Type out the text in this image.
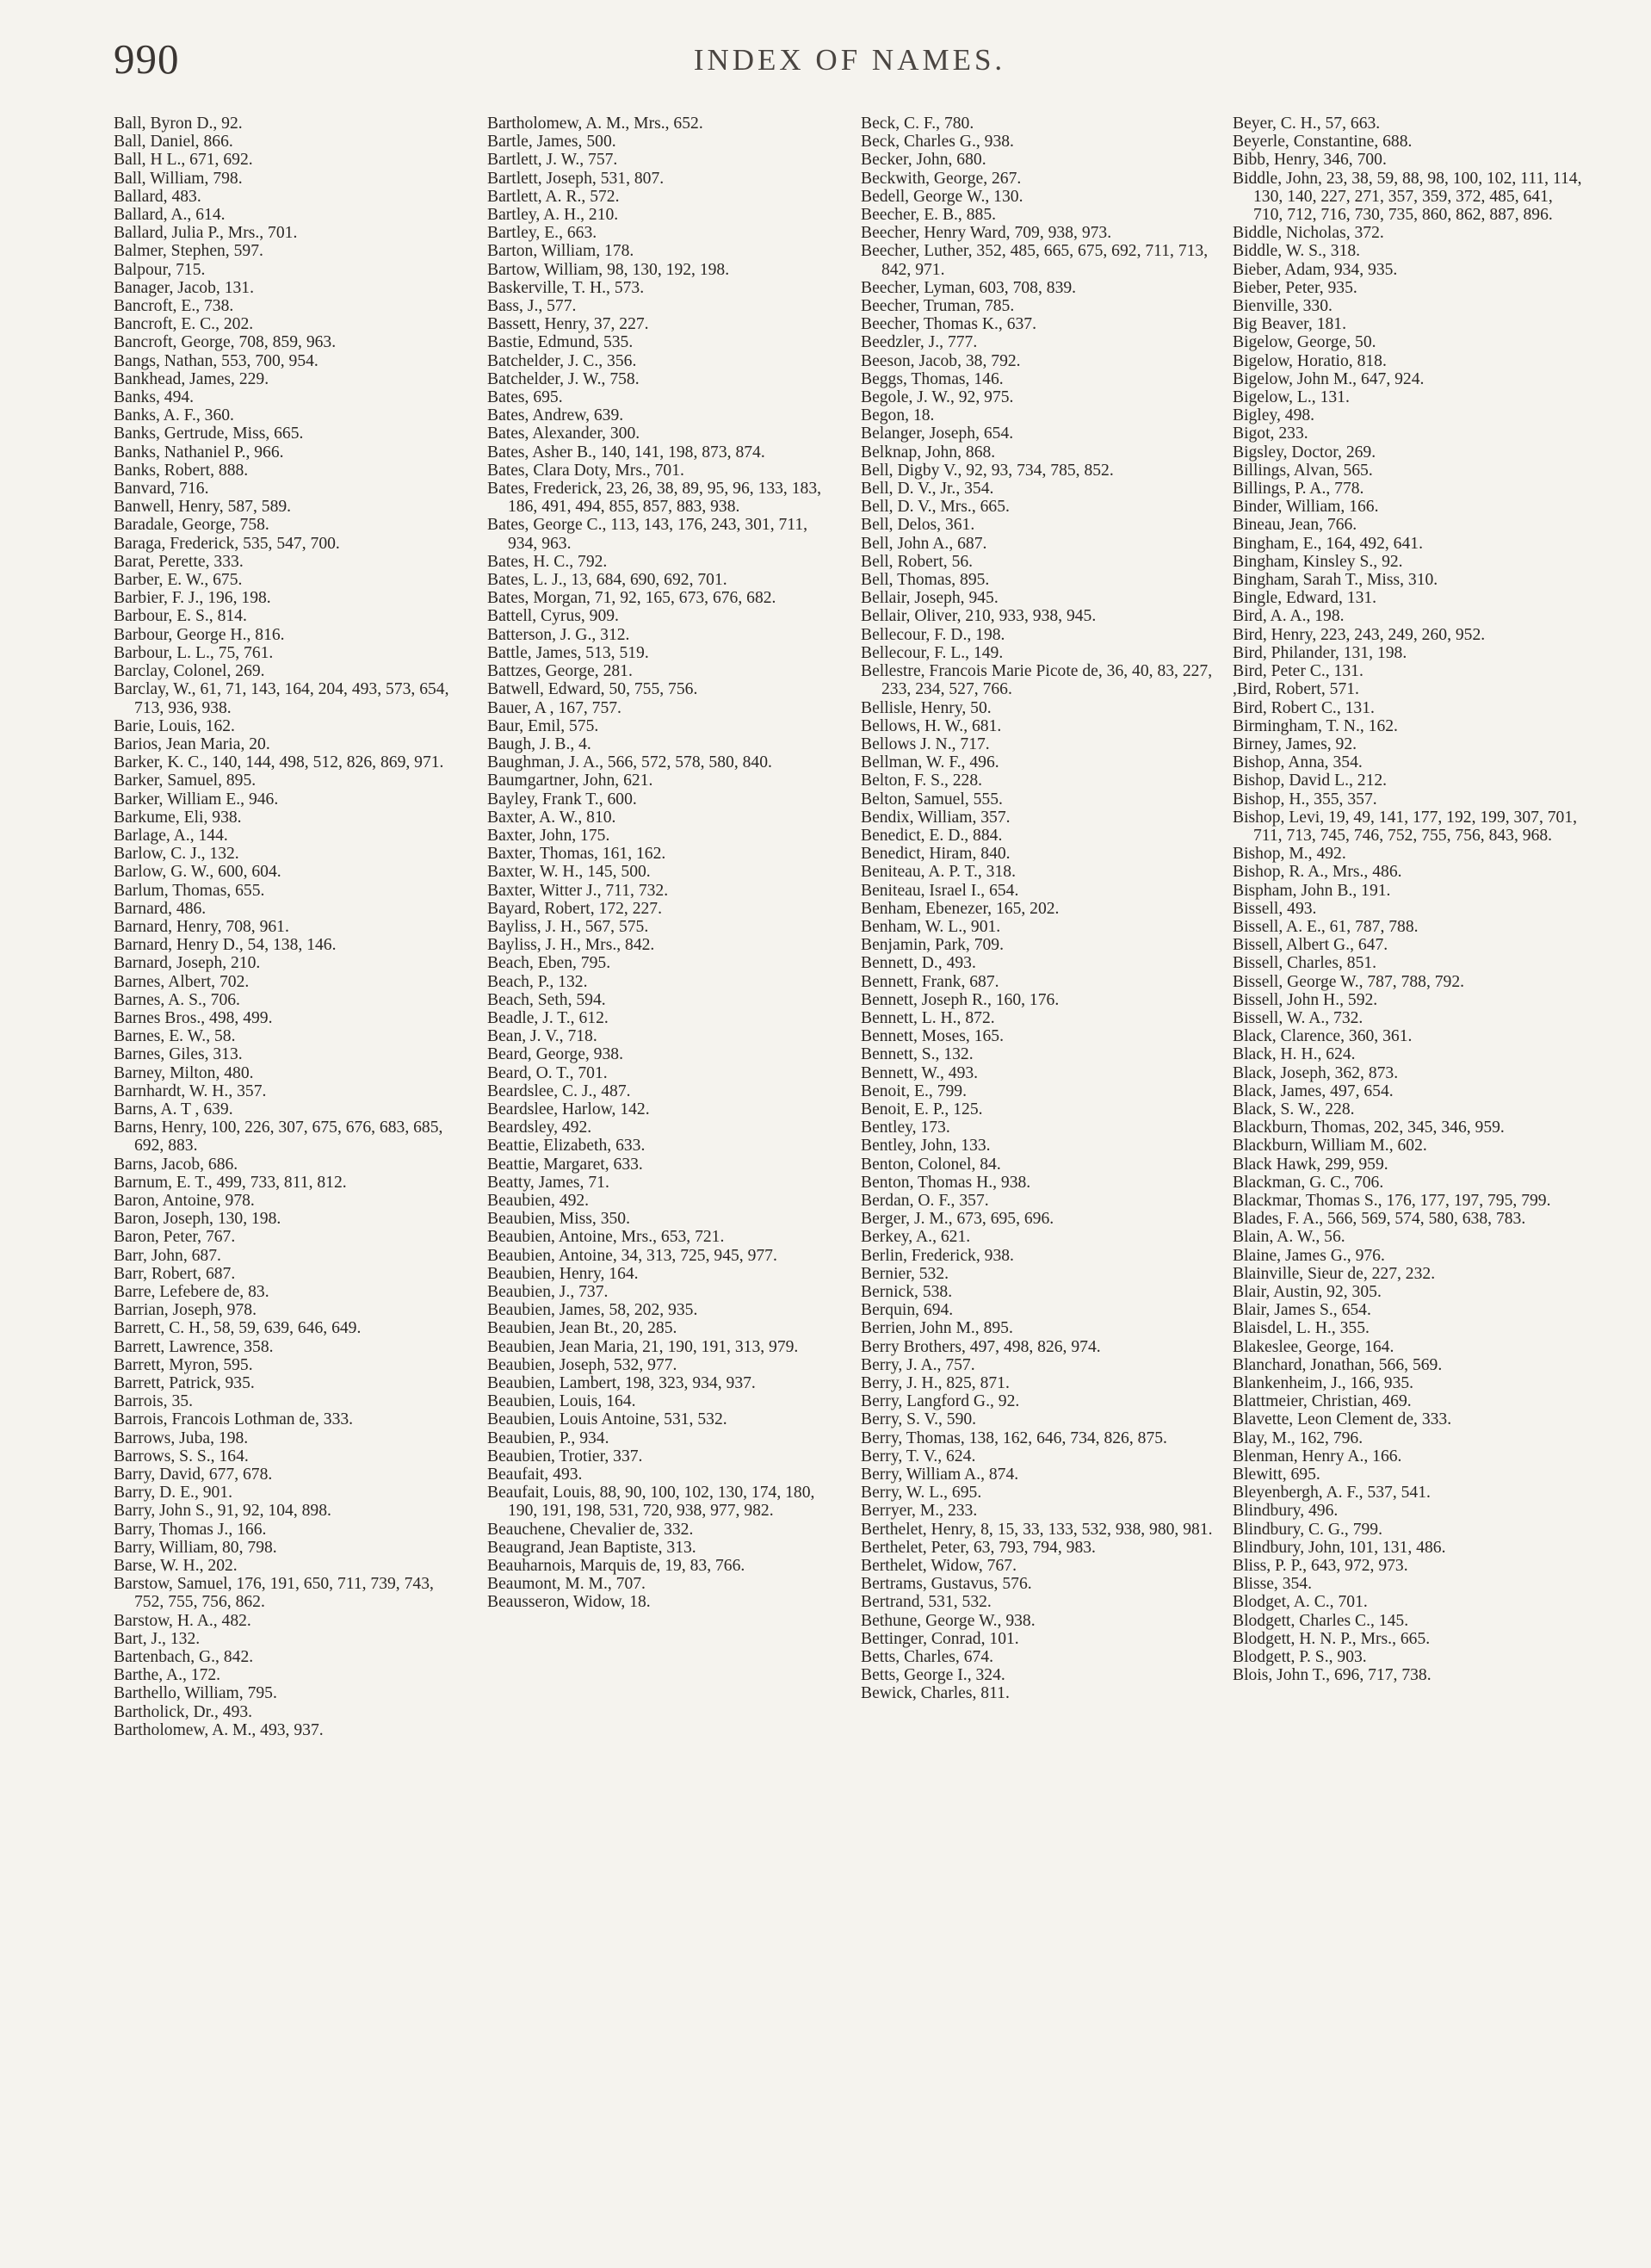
990	INDEX OF NAMES.
Ball, Byron D., 92.
Ball, Daniel, 866.
Ball, H L., 671, 692.
Ball, William, 798.
Ballard, 483.
Ballard, A., 614.
Ballard, Julia P., Mrs., 701.
Balmer, Stephen, 597.
Balpour, 715.
Banager, Jacob, 131.
Bancroft, E., 738.
Bancroft, E. C., 202.
Bancroft, George, 708, 859, 963.
Bangs, Nathan, 553, 700, 954.
Bankhead, James, 229.
Banks, 494.
Banks, A. F., 360.
Banks, Gertrude, Miss, 665.
Banks, Nathaniel P., 966.
Banks, Robert, 888.
Banvard, 716.
Banwell, Henry, 587, 589.
Baradale, George, 758.
Baraga, Frederick, 535, 547, 700.
Barat, Perette, 333.
Barber, E. W., 675.
Barbier, F. J., 196, 198.
Barbour, E. S., 814.
Barbour, George H., 816.
Barbour, L. L., 75, 761.
Barclay, Colonel, 269.
Barclay, W., 61, 71, 143, 164, 204, 493, 573, 654, 713, 936, 938.
Barie, Louis, 162.
Barios, Jean Maria, 20.
Barker, K. C., 140, 144, 498, 512, 826, 869, 971.
Barker, Samuel, 895.
Barker, William E., 946.
Barkume, Eli, 938.
Barlage, A., 144.
Barlow, C. J., 132.
Barlow, G. W., 600, 604.
Barlum, Thomas, 655.
Barnard, 486.
Barnard, Henry, 708, 961.
Barnard, Henry D., 54, 138, 146.
Barnard, Joseph, 210.
Barnes, Albert, 702.
Barnes, A. S., 706.
Barnes Bros., 498, 499.
Barnes, E. W., 58.
Barnes, Giles, 313.
Barney, Milton, 480.
Barnhardt, W. H., 357.
Barns, A. T , 639.
Barns, Henry, 100, 226, 307, 675, 676, 683, 685, 692, 883.
Barns, Jacob, 686.
Barnum, E. T., 499, 733, 811, 812.
Baron, Antoine, 978.
Baron, Joseph, 130, 198.
Baron, Peter, 767.
Barr, John, 687.
Barr, Robert, 687.
Barre, Lefebere de, 83.
Barrian, Joseph, 978.
Barrett, C. H., 58, 59, 639, 646, 649.
Barrett, Lawrence, 358.
Barrett, Myron, 595.
Barrett, Patrick, 935.
Barrois, 35.
Barrois, Francois Lothman de, 333.
Barrows, Juba, 198.
Barrows, S. S., 164.
Barry, David, 677, 678.
Barry, D. E., 901.
Barry, John S., 91, 92, 104, 898.
Barry, Thomas J., 166.
Barry, William, 80, 798.
Barse, W. H., 202.
Barstow, Samuel, 176, 191, 650, 711, 739, 743, 752, 755, 756, 862.
Barstow, H. A., 482.
Bart, J., 132.
Bartenbach, G., 842.
Barthe, A., 172.
Barthello, William, 795.
Bartholick, Dr., 493.
Bartholomew, A. M., 493, 937.
Bartholomew, A. M., Mrs., 652.
Bartle, James, 500.
Bartlett, J. W., 757.
Bartlett, Joseph, 531, 807.
Bartlett, A. R., 572.
Bartley, A. H., 210.
Bartley, E., 663.
Barton, William, 178.
Bartow, William, 98, 130, 192, 198.
Baskerville, T. H., 573.
Bass, J., 577.
Bassett, Henry, 37, 227.
Bastie, Edmund, 535.
Batchelder, J. C., 356.
Batchelder, J. W., 758.
Bates, 695.
Bates, Andrew, 639.
Bates, Alexander, 300.
Bates, Asher B., 140, 141, 198, 873, 874.
Bates, Clara Doty, Mrs., 701.
Bates, Frederick, 23, 26, 38, 89, 95, 96, 133, 183, 186, 491, 494, 855, 857, 883, 938.
Bates, George C., 113, 143, 176, 243, 301, 711, 934, 963.
Bates, H. C., 792.
Bates, L. J., 13, 684, 690, 692, 701.
Bates, Morgan, 71, 92, 165, 673, 676, 682.
Battell, Cyrus, 909.
Batterson, J. G., 312.
Battle, James, 513, 519.
Battzes, George, 281.
Batwell, Edward, 50, 755, 756.
Bauer, A , 167, 757.
Baur, Emil, 575.
Baugh, J. B., 4.
Baughman, J. A., 566, 572, 578, 580, 840.
Baumgartner, John, 621.
Bayley, Frank T., 600.
Baxter, A. W., 810.
Baxter, John, 175.
Baxter, Thomas, 161, 162.
Baxter, W. H., 145, 500.
Baxter, Witter J., 711, 732.
Bayard, Robert, 172, 227.
Bayliss, J. H., 567, 575.
Bayliss, J. H., Mrs., 842.
Beach, Eben, 795.
Beach, P., 132.
Beach, Seth, 594.
Beadle, J. T., 612.
Bean, J. V., 718.
Beard, George, 938.
Beard, O. T., 701.
Beardslee, C. J., 487.
Beardslee, Harlow, 142.
Beardsley, 492.
Beattie, Elizabeth, 633.
Beattie, Margaret, 633.
Beatty, James, 71.
Beaubien, 492.
Beaubien, Miss, 350.
Beaubien, Antoine, Mrs., 653, 721.
Beaubien, Antoine, 34, 313, 725, 945, 977.
Beaubien, Henry, 164.
Beaubien, J., 737.
Beaubien, James, 58, 202, 935.
Beaubien, Jean Bt., 20, 285.
Beaubien, Jean Maria, 21, 190, 191, 313, 979.
Beaubien, Joseph, 532, 977.
Beaubien, Lambert, 198, 323, 934, 937.
Beaubien, Louis, 164.
Beaubien, Louis Antoine, 531, 532.
Beaubien, P., 934.
Beaubien, Trotier, 337.
Beaufait, 493.
Beaufait, Louis, 88, 90, 100, 102, 130, 174, 180, 190, 191, 198, 531, 720, 938, 977, 982.
Beauchene, Chevalier de, 332.
Beaugrand, Jean Baptiste, 313.
Beauharnois, Marquis de, 19, 83, 766.
Beaumont, M. M., 707.
Beausseron, Widow, 18.
Beck, C. F., 780.
Beck, Charles G., 938.
Becker, John, 680.
Beckwith, George, 267.
Bedell, George W., 130.
Beecher, E. B., 885.
Beecher, Henry Ward, 709, 938, 973.
Beecher, Luther, 352, 485, 665, 675, 692, 711, 713, 842, 971.
Beecher, Lyman, 603, 708, 839.
Beecher, Truman, 785.
Beecher, Thomas K., 637.
Beedzler, J., 777.
Beeson, Jacob, 38, 792.
Beggs, Thomas, 146.
Begole, J. W., 92, 975.
Begon, 18.
Belanger, Joseph, 654.
Belknap, John, 868.
Bell, Digby V., 92, 93, 734, 785, 852.
Bell, D. V., Jr., 354.
Bell, D. V., Mrs., 665.
Bell, Delos, 361.
Bell, John A., 687.
Bell, Robert, 56.
Bell, Thomas, 895.
Bellair, Joseph, 945.
Bellair, Oliver, 210, 933, 938, 945.
Bellecour, F. D., 198.
Bellecour, F. L., 149.
Bellestre, Francois Marie Picote de, 36, 40, 83, 227, 233, 234, 527, 766.
Bellisle, Henry, 50.
Bellows, H. W., 681.
Bellows J. N., 717.
Bellman, W. F., 496.
Belton, F. S., 228.
Belton, Samuel, 555.
Bendix, William, 357.
Benedict, E. D., 884.
Benedict, Hiram, 840.
Beniteau, A. P. T., 318.
Beniteau, Israel I., 654.
Benham, Ebenezer, 165, 202.
Benham, W. L., 901.
Benjamin, Park, 709.
Bennett, D., 493.
Bennett, Frank, 687.
Bennett, Joseph R., 160, 176.
Bennett, L. H., 872.
Bennett, Moses, 165.
Bennett, S., 132.
Bennett, W., 493.
Benoit, E., 799.
Benoit, E. P., 125.
Bentley, 173.
Bentley, John, 133.
Benton, Colonel, 84.
Benton, Thomas H., 938.
Berdan, O. F., 357.
Berger, J. M., 673, 695, 696.
Berkey, A., 621.
Berlin, Frederick, 938.
Bernier, 532.
Bernick, 538.
Berquin, 694.
Berrien, John M., 895.
Berry Brothers, 497, 498, 826, 974.
Berry, J. A., 757.
Berry, J. H., 825, 871.
Berry, Langford G., 92.
Berry, S. V., 590.
Berry, Thomas, 138, 162, 646, 734, 826, 875.
Berry, T. V., 624.
Berry, William A., 874.
Berry, W. L., 695.
Berryer, M., 233.
Berthelet, Henry, 8, 15, 33, 133, 532, 938, 980, 981.
Berthelet, Peter, 63, 793, 794, 983.
Berthelet, Widow, 767.
Bertrams, Gustavus, 576.
Bertrand, 531, 532.
Bethune, George W., 938.
Bettinger, Conrad, 101.
Betts, Charles, 674.
Betts, George I., 324.
Bewick, Charles, 811.
Beyer, C. H., 57, 663.
Beyerle, Constantine, 688.
Bibb, Henry, 346, 700.
Biddle, John, 23, 38, 59, 88, 98, 100, 102, 111, 114, 130, 140, 227, 271, 357, 359, 372, 485, 641, 710, 712, 716, 730, 735, 860, 862, 887, 896.
Biddle, Nicholas, 372.
Biddle, W. S., 318.
Bieber, Adam, 934, 935.
Bieber, Peter, 935.
Bienville, 330.
Big Beaver, 181.
Bigelow, George, 50.
Bigelow, Horatio, 818.
Bigelow, John M., 647, 924.
Bigelow, L., 131.
Bigley, 498.
Bigot, 233.
Bigsley, Doctor, 269.
Billings, Alvan, 565.
Billings, P. A., 778.
Binder, William, 166.
Bineau, Jean, 766.
Bingham, E., 164, 492, 641.
Bingham, Kinsley S., 92.
Bingham, Sarah T., Miss, 310.
Bingle, Edward, 131.
Bird, A. A., 198.
Bird, Henry, 223, 243, 249, 260, 952.
Bird, Philander, 131, 198.
Bird, Peter C., 131.
,Bird, Robert, 571.
Bird, Robert C., 131.
Birmingham, T. N., 162.
Birney, James, 92.
Bishop, Anna, 354.
Bishop, David L., 212.
Bishop, H., 355, 357.
Bishop, Levi, 19, 49, 141, 177, 192, 199, 307, 701, 711, 713, 745, 746, 752, 755, 756, 843, 968.
Bishop, M., 492.
Bishop, R. A., Mrs., 486.
Bispham, John B., 191.
Bissell, 493.
Bissell, A. E., 61, 787, 788.
Bissell, Albert G., 647.
Bissell, Charles, 851.
Bissell, George W., 787, 788, 792.
Bissell, John H., 592.
Bissell, W. A., 732.
Black, Clarence, 360, 361.
Black, H. H., 624.
Black, Joseph, 362, 873.
Black, James, 497, 654.
Black, S. W., 228.
Blackburn, Thomas, 202, 345, 346, 959.
Blackburn, William M., 602.
Black Hawk, 299, 959.
Blackman, G. C., 706.
Blackmar, Thomas S., 176, 177, 197, 795, 799.
Blades, F. A., 566, 569, 574, 580, 638, 783.
Blain, A. W., 56.
Blaine, James G., 976.
Blainville, Sieur de, 227, 232.
Blair, Austin, 92, 305.
Blair, James S., 654.
Blaisdel, L. H., 355.
Blakeslee, George, 164.
Blanchard, Jonathan, 566, 569.
Blankenheim, J., 166, 935.
Blattmeier, Christian, 469.
Blavette, Leon Clement de, 333.
Blay, M., 162, 796.
Blenman, Henry A., 166.
Blewitt, 695.
Bleyenbergh, A. F., 537, 541.
Blindbury, 496.
Blindbury, C. G., 799.
Blindbury, John, 101, 131, 486.
Bliss, P. P., 643, 972, 973.
Blisse, 354.
Blodget, A. C., 701.
Blodgett, Charles C., 145.
Blodgett, H. N. P., Mrs., 665.
Blodgett, P. S., 903.
Blois, John T., 696, 717, 738.
